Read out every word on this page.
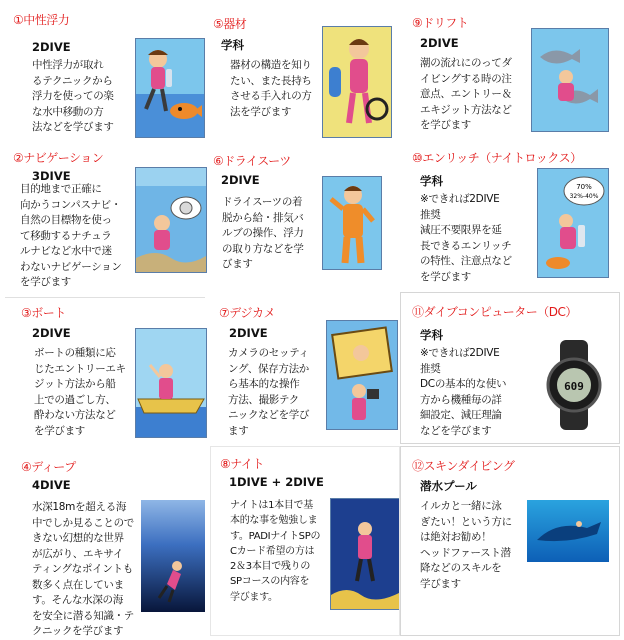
①中性浮力
2DIVE
中性浮力が取れ
るテクニックから
浮力を使っての楽
な水中移動の方
法などを学びます
②ナビゲーション
3DIVE
目的地まで正確に
向かうコンパスナビ・
自然の目標物を使っ
て移動するナチュラ
ルナビなど水中で迷
わないナビゲーション
を学びます
③ボート
2DIVE
ボートの種類に応
じたエントリーエキ
ジット方法から船
上での過ごし方、
酔わない方法など
を学びます
④ディープ
4DIVE
水深18mを超える海
中でしか見ることので
きない幻想的な世界
が広がり、エキサイ
ティングなポイントも
数多く点在していま
す。そんな水深の海
を安全に潜る知識・テ
クニックを学びます
⑤器材
学科
器材の構造を知り
たい、また長持ち
させる手入れの方
法を学びます
⑥ドライスーツ
2DIVE
ドライスーツの着
脱から給・排気バ
ルブの操作、浮力
の取り方などを学
びます
⑦デジカメ
2DIVE
カメラのセッティ
ング、保存方法か
ら基本的な操作
方法、撮影テク
ニックなどを学び
ます
⑧ナイト
1DIVE + 2DIVE
ナイトは1本目で基
本的な事を勉強しま
す。PADIナイトSPの
Cカード希望の方は
2＆3本目で残りの
SPコースの内容を
学びます。
⑨ドリフト
2DIVE
潮の流れにのってダ
イビングする時の注
意点、エントリー＆
エキジット方法など
を学びます
⑩エンリッチ（ナイトロックス）
学科
※できれば2DIVE
推奨
減圧不要限界を延
長できるエンリッチ
の特性、注意点など
を学びます
70%
32%-40%
⑪ダイブコンピューター（DC）
学科
※できれば2DIVE
推奨
DCの基本的な使い
方から機種毎の詳
細設定、減圧理論
などを学びます
609
⑫スキンダイビング
潜水プール
イルカと一緒に泳
ぎたい！という方に
は絶対お勧め！
ヘッドファースト潜
降などのスキルを
学びます
